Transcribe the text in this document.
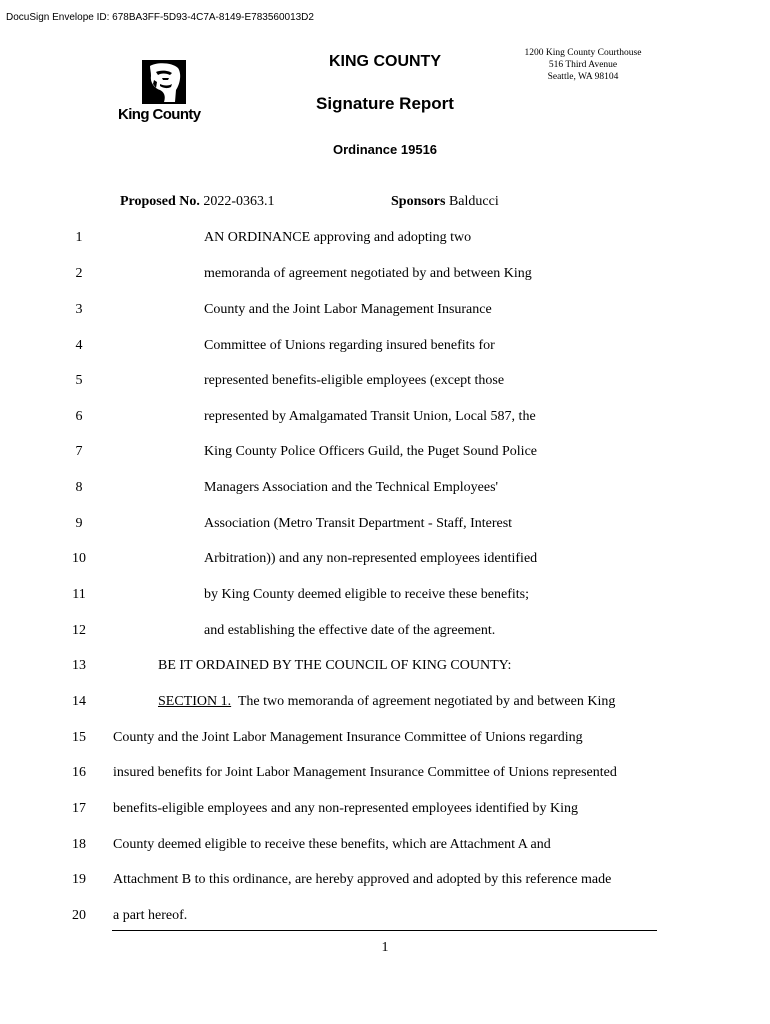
DocuSign Envelope ID: 678BA3FF-5D93-4C7A-8149-E783560013D2
King County
KING COUNTY
Signature Report
Ordinance 19516
1200 King County Courthouse
516 Third Avenue
Seattle, WA 98104
Proposed No. 2022-0363.1	Sponsors Balducci
1	AN ORDINANCE approving and adopting two
2	memoranda of agreement negotiated by and between King
3	County and the Joint Labor Management Insurance
4	Committee of Unions regarding insured benefits for
5	represented benefits-eligible employees (except those
6	represented by Amalgamated Transit Union, Local 587, the
7	King County Police Officers Guild, the Puget Sound Police
8	Managers Association and the Technical Employees'
9	Association (Metro Transit Department - Staff, Interest
10	Arbitration)) and any non-represented employees identified
11	by King County deemed eligible to receive these benefits;
12	and establishing the effective date of the agreement.
13	BE IT ORDAINED BY THE COUNCIL OF KING COUNTY:
14	SECTION 1.  The two memoranda of agreement negotiated by and between King
15	County and the Joint Labor Management Insurance Committee of Unions regarding
16	insured benefits for Joint Labor Management Insurance Committee of Unions represented
17	benefits-eligible employees and any non-represented employees identified by King
18	County deemed eligible to receive these benefits, which are Attachment A and
19	Attachment B to this ordinance, are hereby approved and adopted by this reference made
20	a part hereof.
1
